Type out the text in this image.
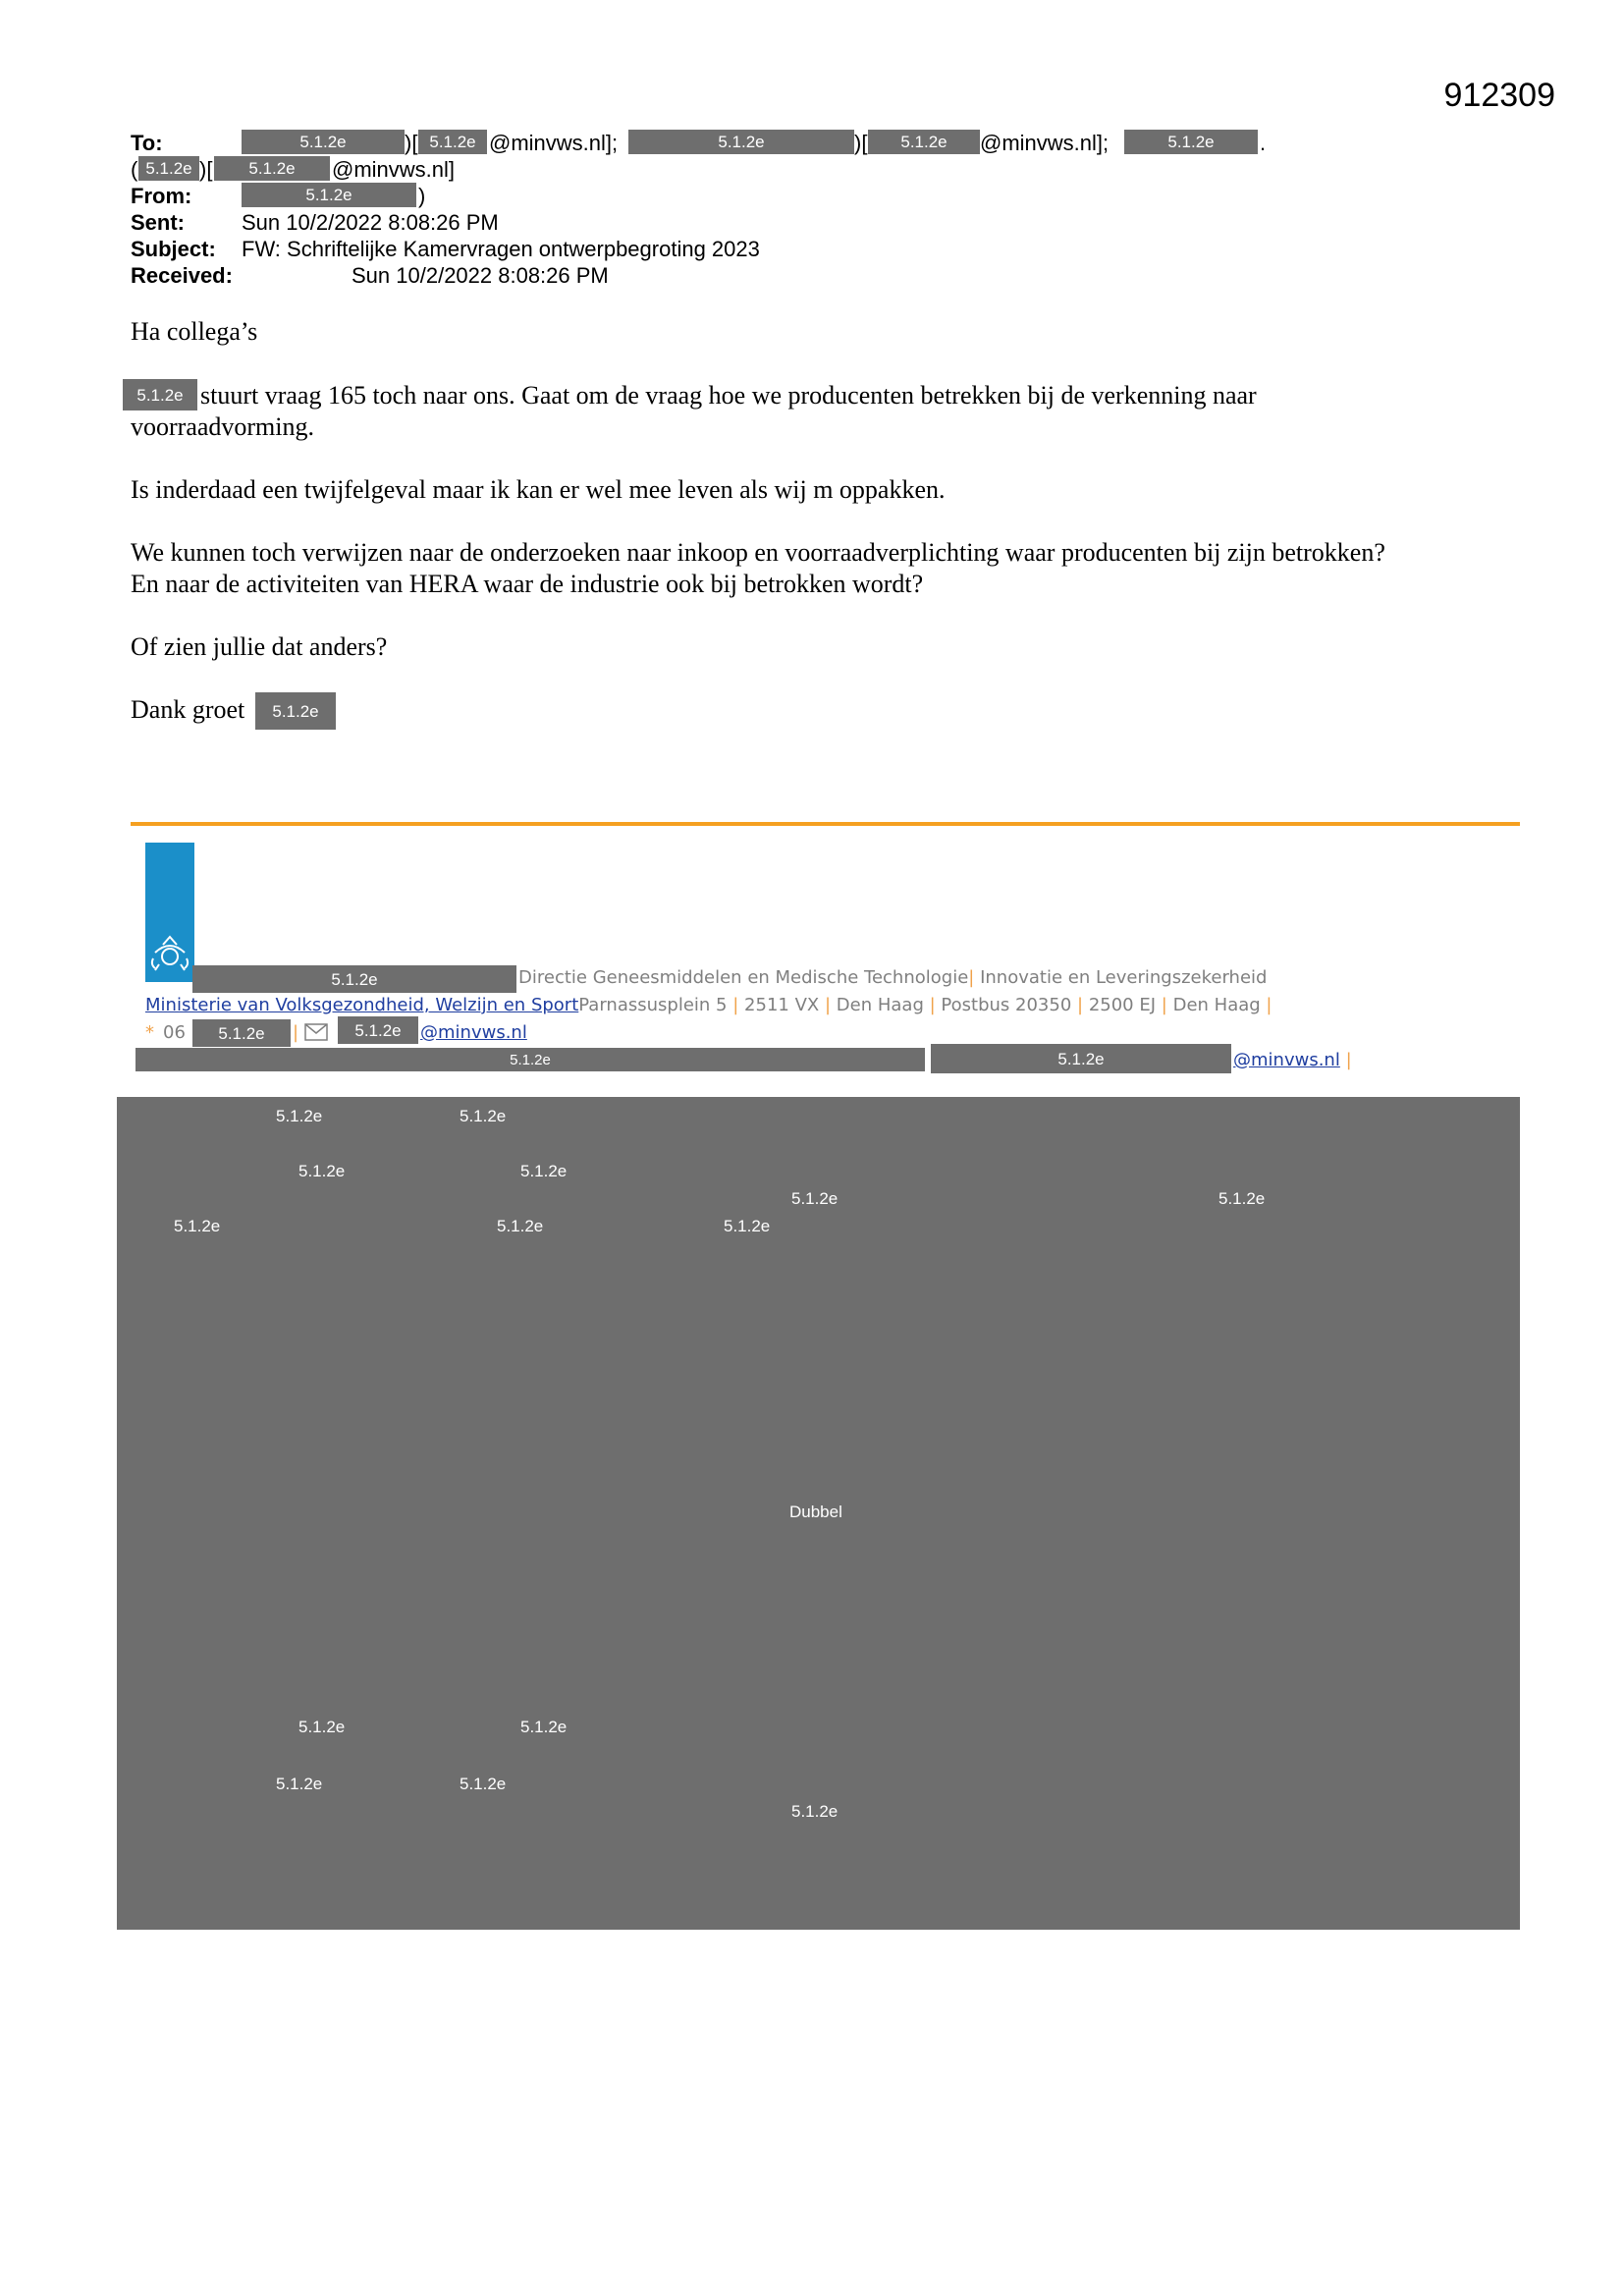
912309
To:	5.1.2e	)[ 5.1.2e @minvws.nl];	5.1.2e	)[	5.1.2e	@minvws.nl];	5.1.2e	.
( 5.1.2e )[	5.1.2e	@minvws.nl]
From:	5.1.2e	)
Sent:	Sun 10/2/2022 8:08:26 PM
Subject: FW: Schriftelijke Kamervragen ontwerpbegroting 2023
Received:	Sun 10/2/2022 8:08:26 PM
Ha collega’s
5.1.2e stuurt vraag 165 toch naar ons. Gaat om de vraag hoe we producenten betrekken bij de verkenning naar
voorraadvorming.
Is inderdaad een twijfelgeval maar ik kan er wel mee leven als wij m oppakken.
We kunnen toch verwijzen naar de onderzoeken naar inkoop en voorraadverplichting waar producenten bij zijn betrokken?
En naar de activiteiten van HERA waar de industrie ook bij betrokken wordt?
Of zien jullie dat anders?
Dank groet	5.1.2e
5.1.2e	Directie Geneesmiddelen en Medische Technologie| Innovatie en Leveringszekerheid
Ministerie van Volksgezondheid, Welzijn en SportParnassusplein 5 | 2511 VX | Den Haag | Postbus 20350 | 2500 EJ | Den Haag |
* 06	5.1.2e	|	5.1.2e	@minvws.nl
5.1.2e	5.1.2e	@minvws.nl |
5.1.2e	5.1.2e
5.1.2e	5.1.2e
5.1.2e	5.1.2e
5.1.2e	5.1.2e	5.1.2e
Dubbel
5.1.2e	5.1.2e
5.1.2e	5.1.2e
5.1.2e
